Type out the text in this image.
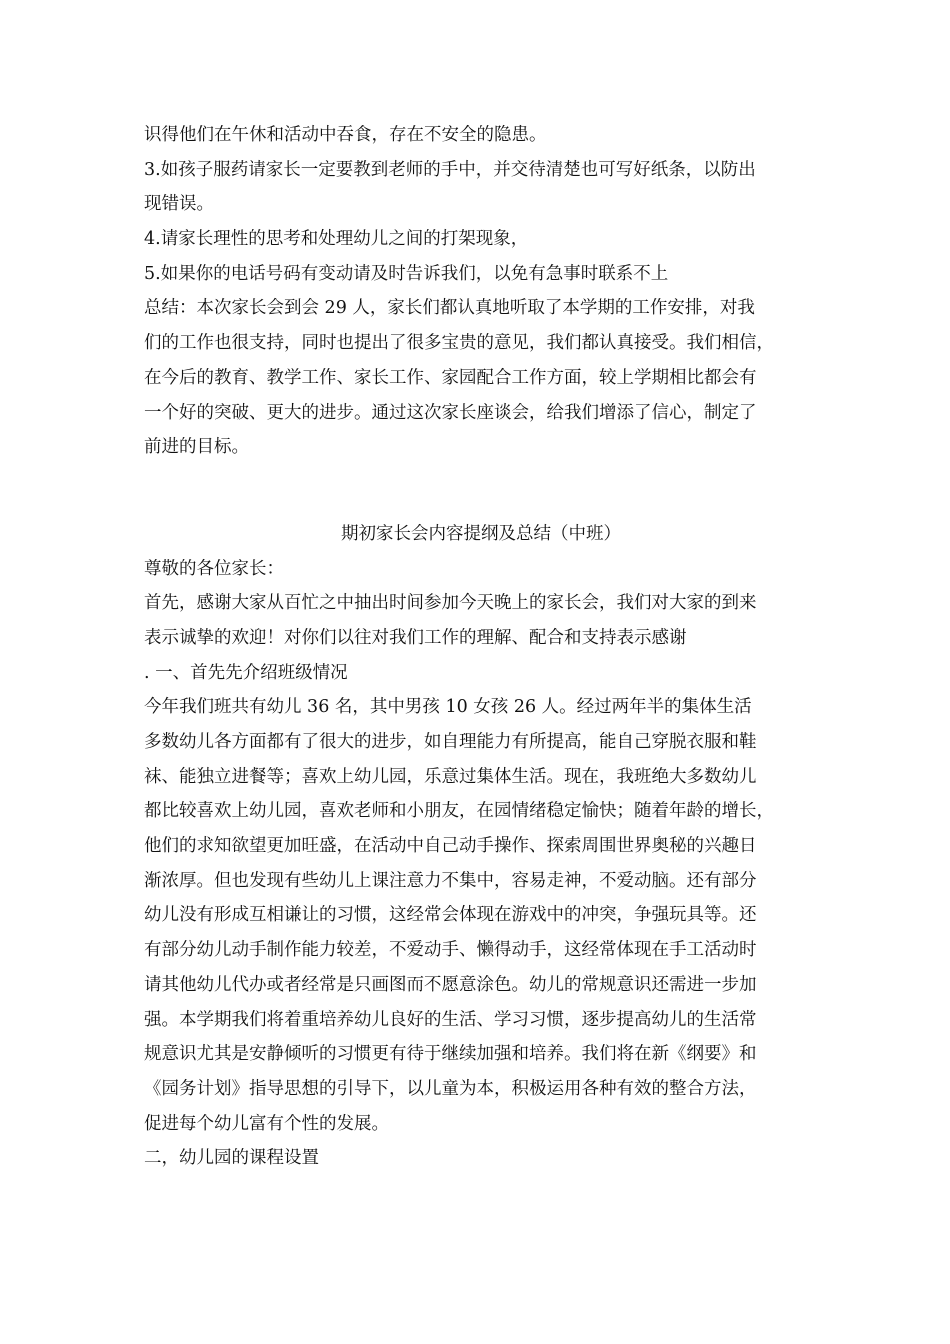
识得他们在午休和活动中吞食，存在不安全的隐患。
3.如孩子服药请家长一定要教到老师的手中，并交待清楚也可写好纸条，以防出
现错误。
4.请家长理性的思考和处理幼儿之间的打架现象，
5.如果你的电话号码有变动请及时告诉我们，以免有急事时联系不上
总结：本次家长会到会 29 人，家长们都认真地听取了本学期的工作安排，对我
们的工作也很支持，同时也提出了很多宝贵的意见，我们都认真接受。我们相信，
在今后的教育、教学工作、家长工作、家园配合工作方面，较上学期相比都会有
一个好的突破、更大的进步。通过这次家长座谈会，给我们增添了信心，制定了
前进的目标。
期初家长会内容提纲及总结（中班）
尊敬的各位家长：
首先，感谢大家从百忙之中抽出时间参加今天晚上的家长会，我们对大家的到来
表示诚挚的欢迎！对你们以往对我们工作的理解、配合和支持表示感谢
. 一、首先先介绍班级情况
今年我们班共有幼儿 36 名，其中男孩 10 女孩 26 人。经过两年半的集体生活
多数幼儿各方面都有了很大的进步，如自理能力有所提高，能自己穿脱衣服和鞋
袜、能独立进餐等；喜欢上幼儿园，乐意过集体生活。现在，我班绝大多数幼儿
都比较喜欢上幼儿园，喜欢老师和小朋友，在园情绪稳定愉快；随着年龄的增长，
他们的求知欲望更加旺盛，在活动中自己动手操作、探索周围世界奥秘的兴趣日
渐浓厚。但也发现有些幼儿上课注意力不集中，容易走神，不爱动脑。还有部分
幼儿没有形成互相谦让的习惯，这经常会体现在游戏中的冲突，争强玩具等。还
有部分幼儿动手制作能力较差，不爱动手、懒得动手，这经常体现在手工活动时
请其他幼儿代办或者经常是只画图而不愿意涂色。幼儿的常规意识还需进一步加
强。本学期我们将着重培养幼儿良好的生活、学习习惯，逐步提高幼儿的生活常
规意识尤其是安静倾听的习惯更有待于继续加强和培养。我们将在新《纲要》和
《园务计划》指导思想的引导下，以儿童为本，积极运用各种有效的整合方法，
促进每个幼儿富有个性的发展。
二，幼儿园的课程设置
